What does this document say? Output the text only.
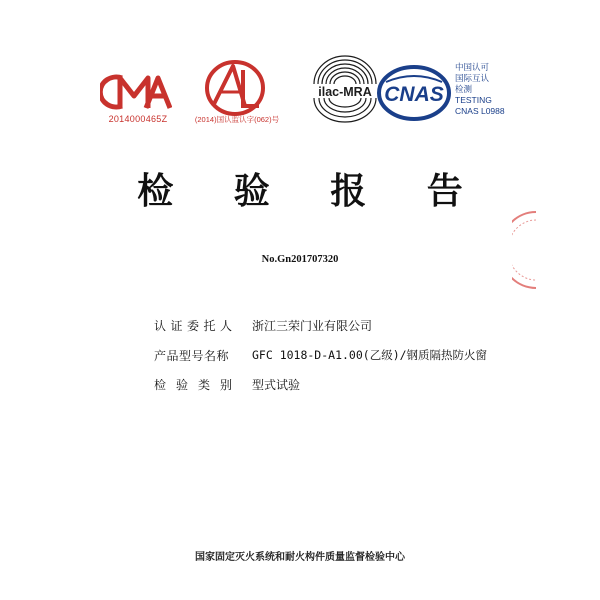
2014000465Z	(2014)国认监认字(062)号
ilac-MRA CNAS
中国认可
国际互认
检测
TESTING
CNAS L0988
检 验 报 告
No.Gn201707320
认证委托人 浙江三荣门业有限公司
产品型号名称	GFC 1018-D-A1.00(乙级)/钢质隔热防火窗
检验类别 型式试验
国家固定灭火系统和耐火构件质量监督检验中心
